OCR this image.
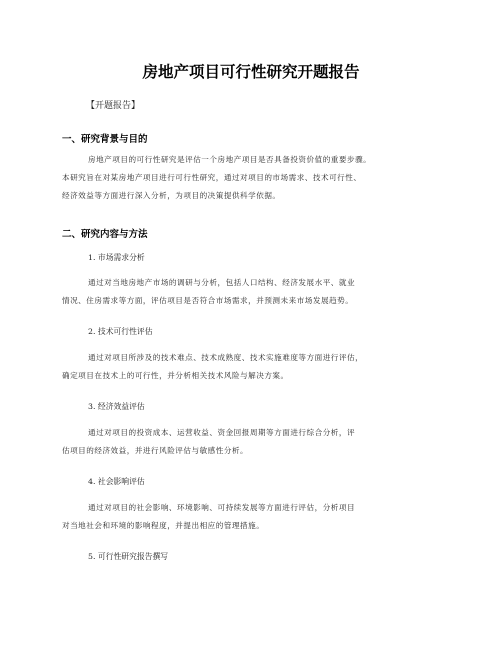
房地产项目可行性研究开题报告
【开题报告】
一、研究背景与目的
房地产项目的可行性研究是评估一个房地产项目是否具备投资价值的重要步骤。
本研究旨在对某房地产项目进行可行性研究，通过对项目的市场需求、技术可行性、
经济效益等方面进行深入分析，为项目的决策提供科学依据。
二、研究内容与方法
1. 市场需求分析
通过对当地房地产市场的调研与分析，包括人口结构、经济发展水平、就业
情况、住房需求等方面，评估项目是否符合市场需求，并预测未来市场发展趋势。
2. 技术可行性评估
通过对项目所涉及的技术难点、技术成熟度、技术实施难度等方面进行评估，
确定项目在技术上的可行性，并分析相关技术风险与解决方案。
3. 经济效益评估
通过对项目的投资成本、运营收益、资金回报周期等方面进行综合分析，评
估项目的经济效益，并进行风险评估与敏感性分析。
4. 社会影响评估
通过对项目的社会影响、环境影响、可持续发展等方面进行评估，分析项目
对当地社会和环境的影响程度，并提出相应的管理措施。
5. 可行性研究报告撰写
